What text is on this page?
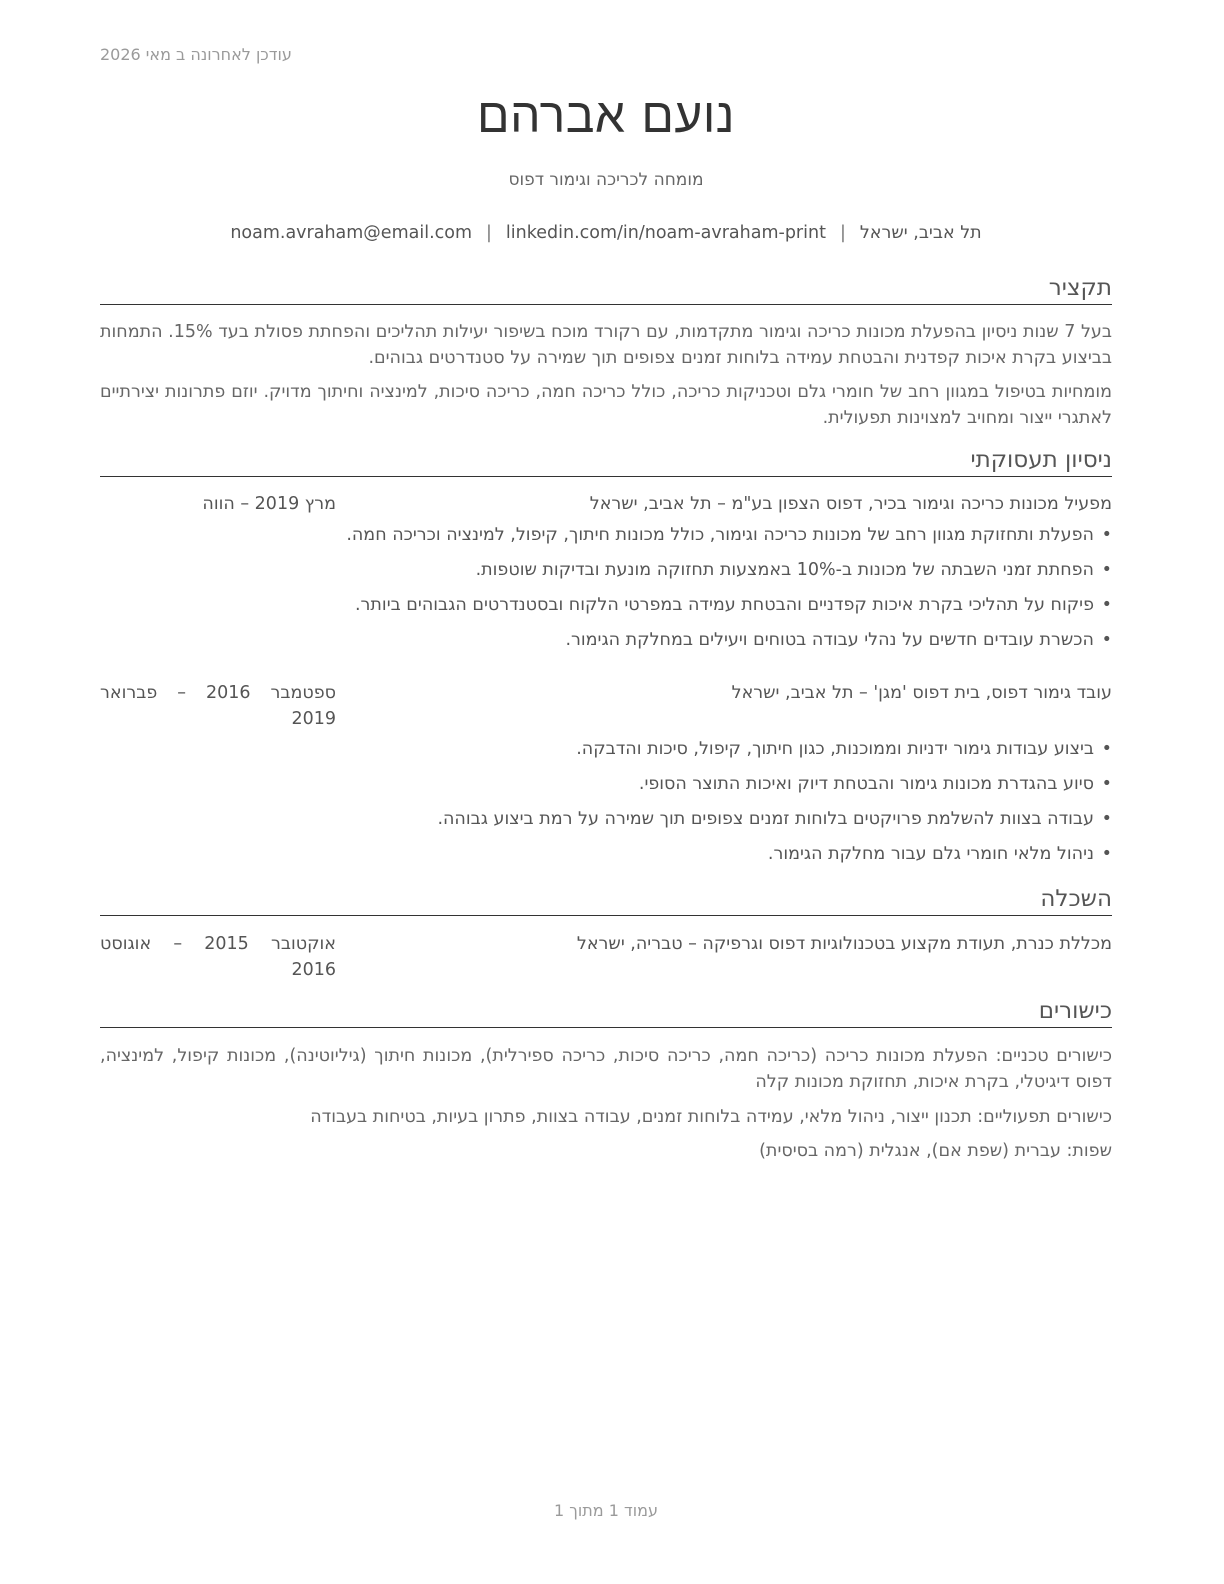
עודכן לאחרונה ב מאי 2026
נועם אברהם
מומחה לכריכה וגימור דפוס
תל אביב, ישראל|noam.avraham@email.com | linkedin.com/in/noam-avraham-print
תקציר
בעל 7 שנות ניסיון בהפעלת מכונות כריכה וגימור מתקדמות, עם רקורד מוכח בשיפור יעילות תהליכים והפחתת פסולת בעד 15%. התמחות בביצוע בקרת איכות קפדנית והבטחת עמידה בלוחות זמנים צפופים תוך שמירה על סטנדרטים גבוהים.
מומחיות בטיפול במגוון רחב של חומרי גלם וטכניקות כריכה, כולל כריכה חמה, כריכה סיכות, למינציה וחיתוך מדויק. יוזם פתרונות יצירתיים לאתגרי ייצור ומחויב למצוינות תפעולית.
ניסיון תעסוקתי
מפעיל מכונות כריכה וגימור בכיר, דפוס הצפון בע"מ – תל אביב, ישראל
מרץ 2019 – הווה
• הפעלת ותחזוקת מגוון רחב של מכונות כריכה וגימור, כולל מכונות חיתוך, קיפול, למינציה וכריכה חמה.
• הפחתת זמני השבתה של מכונות ב-10% באמצעות תחזוקה מונעת ובדיקות שוטפות.
• פיקוח על תהליכי בקרת איכות קפדניים והבטחת עמידה במפרטי הלקוח ובסטנדרטים הגבוהים ביותר.
• הכשרת עובדים חדשים על נהלי עבודה בטוחים ויעילים במחלקת הגימור.
עובד גימור דפוס, בית דפוס 'מגן' – תל אביב, ישראל
ספטמבר 2016 – פברואר 2019
• ביצוע עבודות גימור ידניות וממוכנות, כגון חיתוך, קיפול, סיכות והדבקה.
• סיוע בהגדרת מכונות גימור והבטחת דיוק ואיכות התוצר הסופי.
• עבודה בצוות להשלמת פרויקטים בלוחות זמנים צפופים תוך שמירה על רמת ביצוע גבוהה.
• ניהול מלאי חומרי גלם עבור מחלקת הגימור.
השכלה
מכללת כנרת, תעודת מקצוע בטכנולוגיות דפוס וגרפיקה – טבריה, ישראל
אוקטובר 2015 – אוגוסט 2016
כישורים
כישורים טכניים: הפעלת מכונות כריכה (כריכה חמה, כריכה סיכות, כריכה ספירלית), מכונות חיתוך (גיליוטינה), מכונות קיפול, למינציה, דפוס דיגיטלי, בקרת איכות, תחזוקת מכונות קלה
כישורים תפעוליים: תכנון ייצור, ניהול מלאי, עמידה בלוחות זמנים, עבודה בצוות, פתרון בעיות, בטיחות בעבודה
שפות: עברית (שפת אם), אנגלית (רמה בסיסית)
עמוד 1 מתוך 1
